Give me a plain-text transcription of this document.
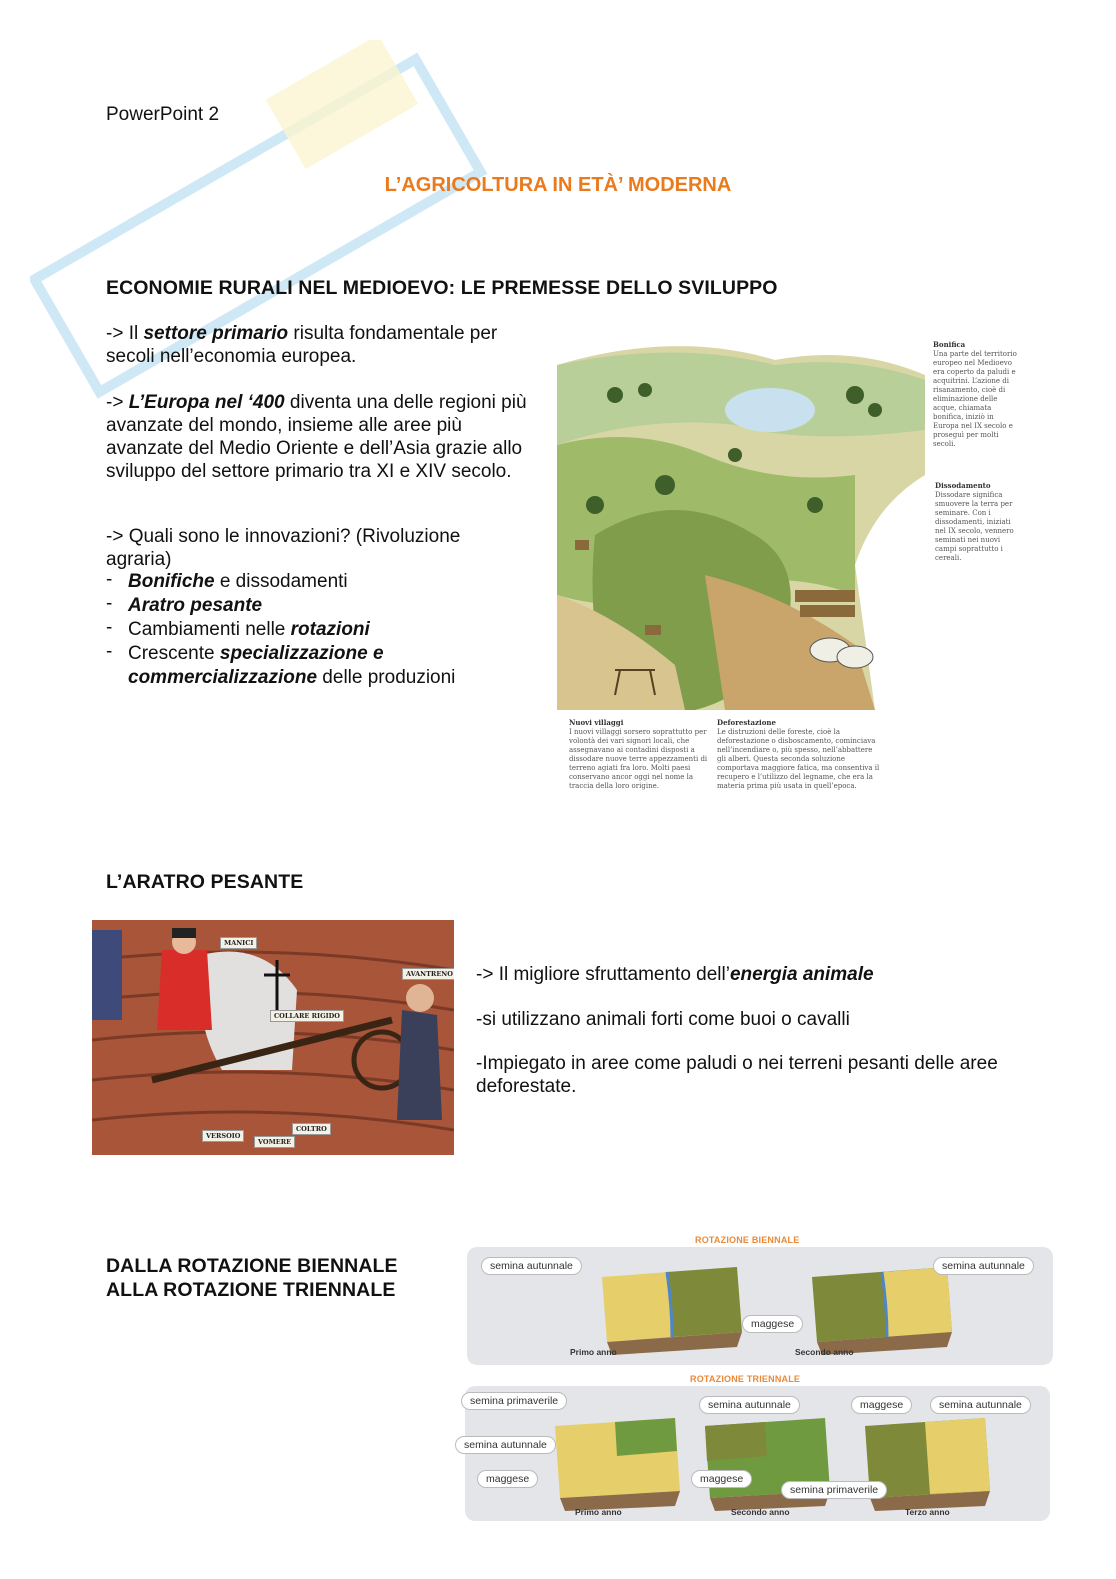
PowerPoint 2
L’AGRICOLTURA IN ETÀ’ MODERNA
ECONOMIE RURALI NEL MEDIOEVO: LE PREMESSE DELLO SVILUPPO
-> Il settore primario risulta fondamentale per secoli nell’economia europea.
-> L’Europa nel ‘400 diventa una delle regioni più avanzate del mondo, insieme alle aree più avanzate del Medio Oriente e dell’Asia grazie allo sviluppo del settore primario tra XI e XIV secolo.
-> Quali sono le innovazioni? (Rivoluzione agraria)
- Bonifiche e dissodamenti
- Aratro pesante
- Cambiamenti nelle rotazioni
- Crescente specializzazione e commercializzazione delle produzioni
Bonifica
Una parte del territorio europeo nel Medioevo era coperto da paludi e acquitrini. L’azione di risanamento, cioè di eliminazione delle acque, chiamata bonifica, iniziò in Europa nel IX secolo e proseguì per molti secoli.
Dissodamento
Dissodare significa smuovere la terra per seminare. Con i dissodamenti, iniziati nel IX secolo, vennero seminati nei nuovi campi soprattutto i cereali.
Nuovi villaggi
I nuovi villaggi sorsero soprattutto per volontà dei vari signori locali, che assegnavano ai contadini disposti a dissodare nuove terre appezzamenti di terreno agiati fra loro. Molti paesi conservano ancor oggi nel nome la traccia della loro origine.
Deforestazione
Le distruzioni delle foreste, cioè la deforestazione o disboscamento, cominciava nell’incendiare o, più spesso, nell’abbattere gli alberi. Questa seconda soluzione comportava maggiore fatica, ma consentiva il recupero e l’utilizzo del legname, che era la materia prima più usata in quell’epoca.
L’ARATRO PESANTE
MANICI
AVANTRENO
COLLARE RIGIDO
COLTRO
VERSOIO
VOMERE
-> Il migliore sfruttamento dell’energia animale
-si utilizzano animali forti come buoi o cavalli
-Impiegato in aree come paludi o nei terreni pesanti delle aree deforestate.
DALLA ROTAZIONE BIENNALE
ALLA ROTAZIONE TRIENNALE
ROTAZIONE BIENNALE
semina autunnale	semina autunnale
maggese
Primo anno	Secondo anno
ROTAZIONE TRIENNALE
semina primaverile
semina autunnale
maggese
semina autunnale
maggese
semina primaverile
maggese	semina autunnale
Primo anno	Secondo anno	Terzo anno
